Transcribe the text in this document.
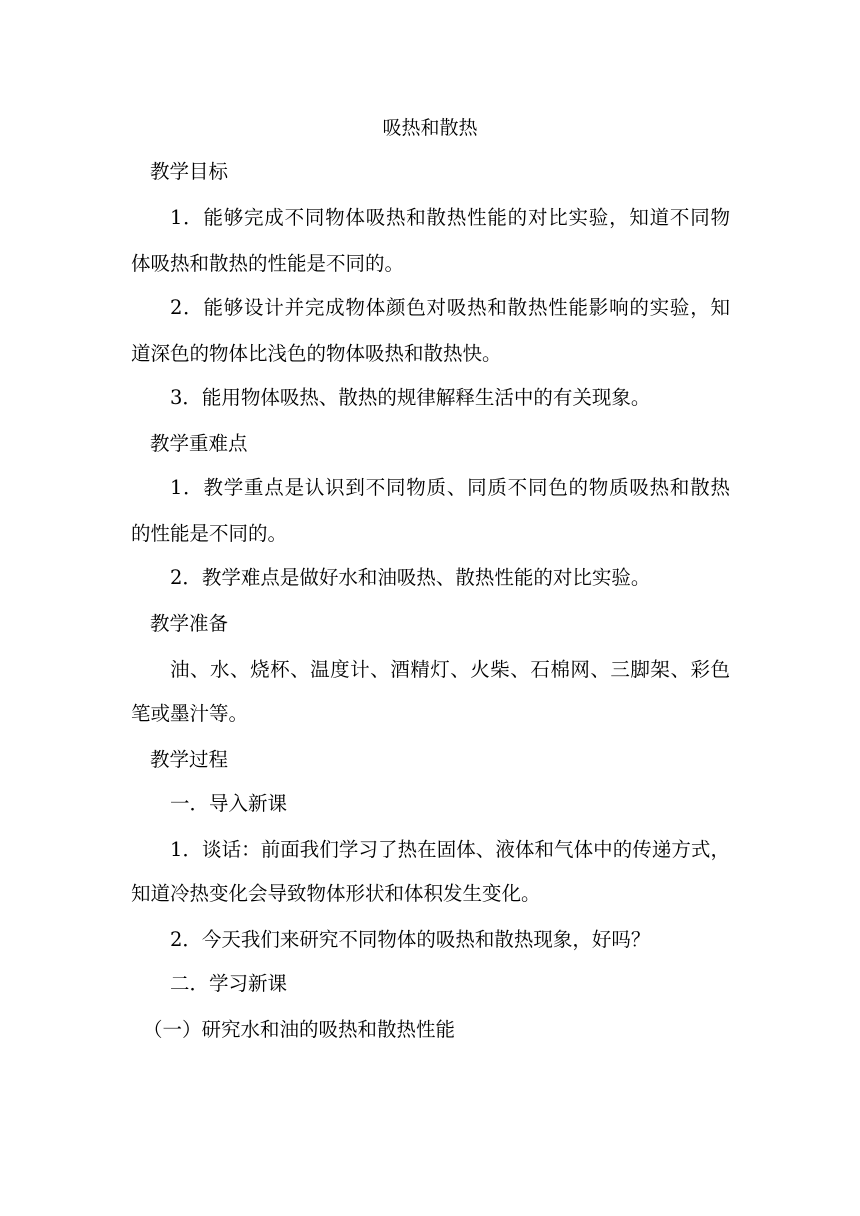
吸热和散热
教学目标
1．能够完成不同物体吸热和散热性能的对比实验，知道不同物
体吸热和散热的性能是不同的。
2．能够设计并完成物体颜色对吸热和散热性能影响的实验，知
道深色的物体比浅色的物体吸热和散热快。
3．能用物体吸热、散热的规律解释生活中的有关现象。
教学重难点
1．教学重点是认识到不同物质、同质不同色的物质吸热和散热
的性能是不同的。
2．教学难点是做好水和油吸热、散热性能的对比实验。
教学准备
油、水、烧杯、温度计、酒精灯、火柴、石棉网、三脚架、彩色
笔或墨汁等。
教学过程
一．导入新课
1．谈话：前面我们学习了热在固体、液体和气体中的传递方式，
知道冷热变化会导致物体形状和体积发生变化。
2．今天我们来研究不同物体的吸热和散热现象，好吗？
二．学习新课
（一）研究水和油的吸热和散热性能
